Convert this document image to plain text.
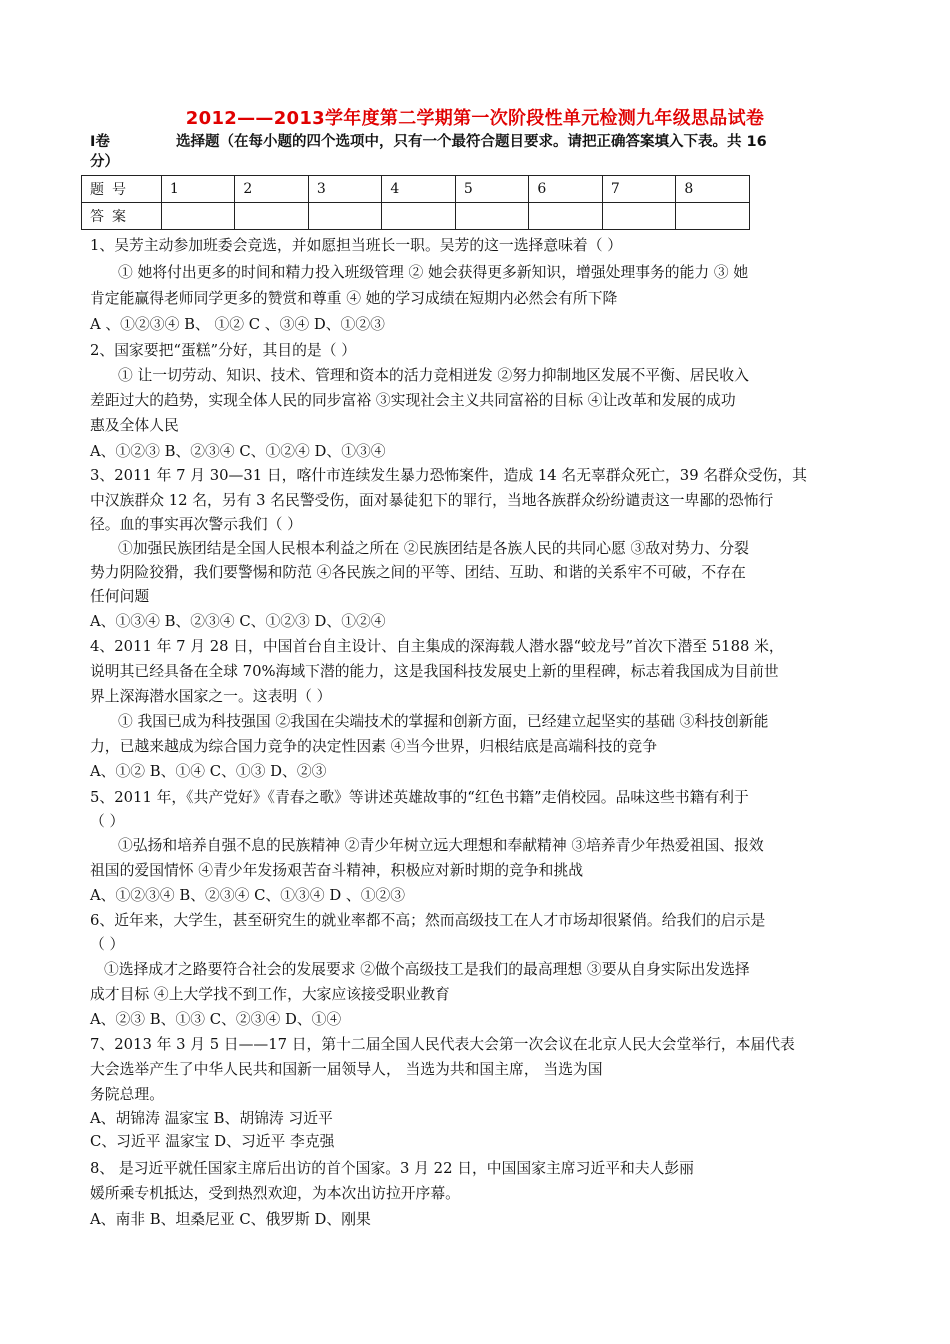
2012——2013学年度第二学期第一次阶段性单元检测九年级思品试卷
Ⅰ卷	选择题（在每小题的四个选项中，只有一个最符合题目要求。请把正确答案填入下表。共 16
分）
题号	1	2	3	4	5	6	7	8
答案								
1、吴芳主动参加班委会竞选，并如愿担当班长一职。吴芳的这一选择意味着（ ）
① 她将付出更多的时间和精力投入班级管理 ② 她会获得更多新知识，增强处理事务的能力 ③ 她
肯定能赢得老师同学更多的赞赏和尊重 ④ 她的学习成绩在短期内必然会有所下降
A 、①②③④ B、 ①② C 、③④ D、①②③
2、国家要把“蛋糕”分好，其目的是（ ）
① 让一切劳动、知识、技术、管理和资本的活力竞相迸发 ②努力抑制地区发展不平衡、居民收入
差距过大的趋势，实现全体人民的同步富裕 ③实现社会主义共同富裕的目标 ④让改革和发展的成功
惠及全体人民
A、①②③ B、②③④ C、①②④ D、①③④
3、2011 年 7 月 30—31 日，喀什市连续发生暴力恐怖案件，造成 14 名无辜群众死亡，39 名群众受伤，其
中汉族群众 12 名，另有 3 名民警受伤，面对暴徒犯下的罪行，当地各族群众纷纷谴责这一卑鄙的恐怖行
径。血的事实再次警示我们（ ）
①加强民族团结是全国人民根本利益之所在 ②民族团结是各族人民的共同心愿 ③敌对势力、分裂
势力阴险狡猾，我们要警惕和防范 ④各民族之间的平等、团结、互助、和谐的关系牢不可破，不存在
任何问题
A、①③④ B、②③④ C、①②③ D、①②④
4、2011 年 7 月 28 日，中国首台自主设计、自主集成的深海载人潜水器“蛟龙号”首次下潜至 5188 米，
说明其已经具备在全球 70%海域下潜的能力，这是我国科技发展史上新的里程碑，标志着我国成为目前世
界上深海潜水国家之一。这表明（ ）
① 我国已成为科技强国 ②我国在尖端技术的掌握和创新方面，已经建立起坚实的基础 ③科技创新能
力，已越来越成为综合国力竞争的决定性因素 ④当今世界，归根结底是高端科技的竞争
A、①② B、①④ C、①③ D、②③
5、2011 年，《共产党好》《青春之歌》等讲述英雄故事的“红色书籍”走俏校园。品味这些书籍有利于
（ ）
①弘扬和培养自强不息的民族精神 ②青少年树立远大理想和奉献精神 ③培养青少年热爱祖国、报效
祖国的爱国情怀 ④青少年发扬艰苦奋斗精神，积极应对新时期的竞争和挑战
A、①②③④ B、②③④ C、①③④ D 、①②③
6、近年来，大学生，甚至研究生的就业率都不高；然而高级技工在人才市场却很紧俏。给我们的启示是
（ ）
①选择成才之路要符合社会的发展要求 ②做个高级技工是我们的最高理想 ③要从自身实际出发选择
成才目标 ④上大学找不到工作，大家应该接受职业教育
A、②③ B、①③ C、②③④ D、①④
7、2013 年 3 月 5 日——17 日，第十二届全国人民代表大会第一次会议在北京人民大会堂举行，本届代表
大会选举产生了中华人民共和国新一届领导人， 当选为共和国主席， 当选为国
务院总理。
A、胡锦涛 温家宝 B、胡锦涛 习近平
C、习近平 温家宝 D、习近平 李克强
8、 是习近平就任国家主席后出访的首个国家。3 月 22 日，中国国家主席习近平和夫人彭丽
媛所乘专机抵达，受到热烈欢迎，为本次出访拉开序幕。
A、南非 B、坦桑尼亚 C、俄罗斯 D、刚果
